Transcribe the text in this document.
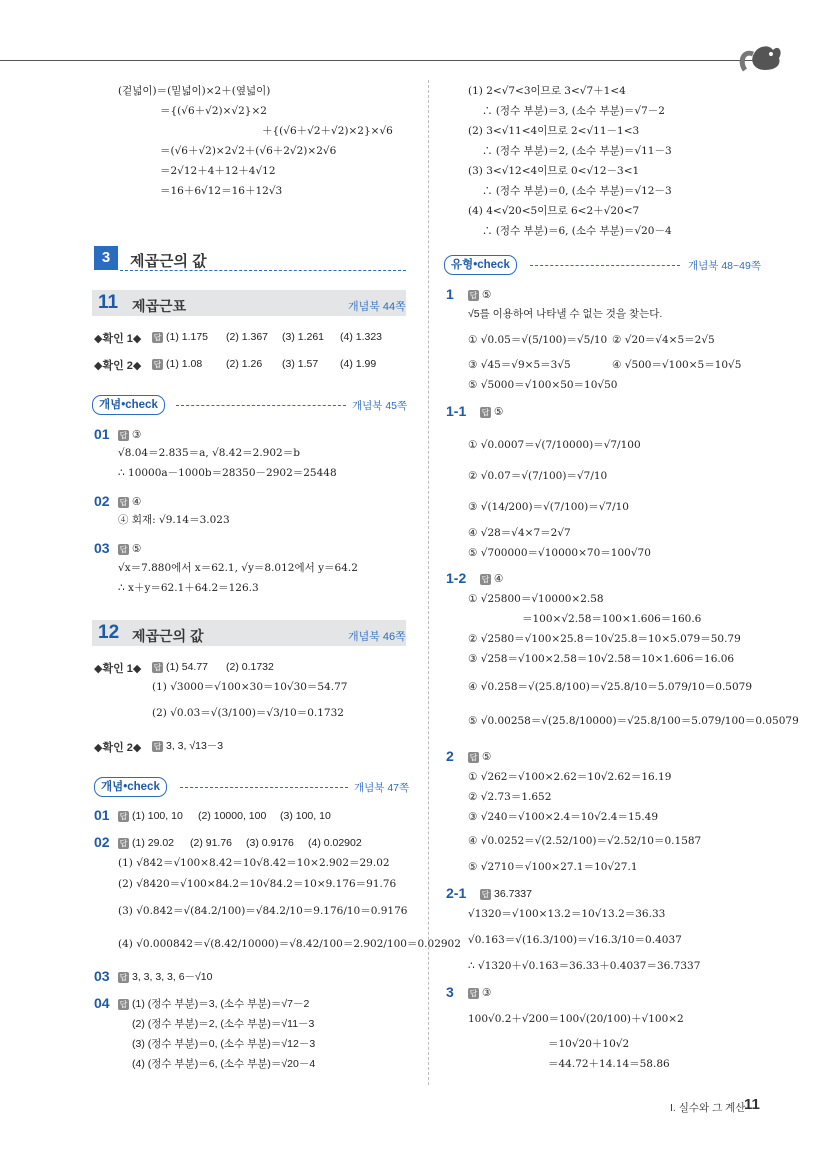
(겉넓이)＝(밑넓이)×2＋(옆넓이)
＝{(√6＋√2)×√2}×2
＋{(√6＋√2＋√2)×2}×√6
＝(√6＋√2)×2√2＋(√6＋2√2)×2√6
＝2√12＋4＋12＋4√12
＝16＋6√12＝16＋12√3
3	제곱근의 값
11 제곱근표	개념북 44쪽
◆확인 1◆ 답 (1) 1.175 (2) 1.367 (3) 1.261 (4) 1.323
◆확인 2◆ 답 (1) 1.08 (2) 1.26 (3) 1.57 (4) 1.99
개념•check	개념북 45쪽
01 답 ③
√8.04＝2.835＝a, √8.42＝2.902＝b
∴ 10000a－1000b＝28350－2902＝25448
02 답 ④
④ 회재: √9.14＝3.023
03 답 ⑤
√x＝7.880에서 x＝62.1, √y＝8.012에서 y＝64.2
∴ x＋y＝62.1＋64.2＝126.3
12 제곱근의 값	개념북 46쪽
◆확인 1◆ 답 (1) 54.77 (2) 0.1732
(1) √3000＝√100×30＝10√30＝54.77
(2) √0.03＝√(3/100)＝√3/10＝0.1732
◆확인 2◆ 답 3, 3, √13－3
개념•check	개념북 47쪽
01 답 (1) 100, 10 (2) 10000, 100 (3) 100, 10
02 답 (1) 29.02 (2) 91.76 (3) 0.9176 (4) 0.02902
(1) √842＝√100×8.42＝10√8.42＝10×2.902＝29.02
(2) √8420＝√100×84.2＝10√84.2＝10×9.176＝91.76
(3) √0.842＝√(84.2/100)＝√84.2/10＝9.176/10＝0.9176
(4) √0.000842＝√(8.42/10000)＝√8.42/100＝2.902/100＝0.02902
03 답 3, 3, 3, 3, 6－√10
04 답 (1) (정수 부분)＝3, (소수 부분)＝√7－2
(2) (정수 부분)＝2, (소수 부분)＝√11－3
(3) (정수 부분)＝0, (소수 부분)＝√12－3
(4) (정수 부분)＝6, (소수 부분)＝√20－4
(1) 2<√7<3이므로 3<√7＋1<4
∴ (정수 부분)＝3, (소수 부분)＝√7－2
(2) 3<√11<4이므로 2<√11－1<3
∴ (정수 부분)＝2, (소수 부분)＝√11－3
(3) 3<√12<4이므로 0<√12－3<1
∴ (정수 부분)＝0, (소수 부분)＝√12－3
(4) 4<√20<5이므로 6<2＋√20<7
∴ (정수 부분)＝6, (소수 부분)＝√20－4
유형•check	개념북 48~49쪽
1 답 ⑤
√5를 이용하여 나타낼 수 없는 것을 찾는다.
① √0.05＝√(5/100)＝√5/10 ② √20＝√4×5＝2√5
③ √45＝√9×5＝3√5	④ √500＝√100×5＝10√5
⑤ √5000＝√100×50＝10√50
1-1 답 ⑤
① √0.0007＝√(7/10000)＝√7/100
② √0.07＝√(7/100)＝√7/10
③ √(14/200)＝√(7/100)＝√7/10
④ √28＝√4×7＝2√7
⑤ √700000＝√10000×70＝100√70
1-2 답 ④
① √25800＝√10000×2.58
＝100×√2.58＝100×1.606＝160.6
② √2580＝√100×25.8＝10√25.8＝10×5.079＝50.79
③ √258＝√100×2.58＝10√2.58＝10×1.606＝16.06
④ √0.258＝√(25.8/100)＝√25.8/10＝5.079/10＝0.5079
⑤ √0.00258＝√(25.8/10000)＝√25.8/100＝5.079/100＝0.05079
2 답 ⑤
① √262＝√100×2.62＝10√2.62＝16.19
② √2.73＝1.652
③ √240＝√100×2.4＝10√2.4＝15.49
④ √0.0252＝√(2.52/100)＝√2.52/10＝0.1587
⑤ √2710＝√100×27.1＝10√27.1
2-1 답 36.7337
√1320＝√100×13.2＝10√13.2＝36.33
√0.163＝√(16.3/100)＝√16.3/10＝0.4037
∴ √1320＋√0.163＝36.33＋0.4037＝36.7337
3 답 ③
100√0.2＋√200＝100√(20/100)＋√100×2
＝10√20＋10√2
＝44.72＋14.14＝58.86
I. 실수와 그 계산
11
